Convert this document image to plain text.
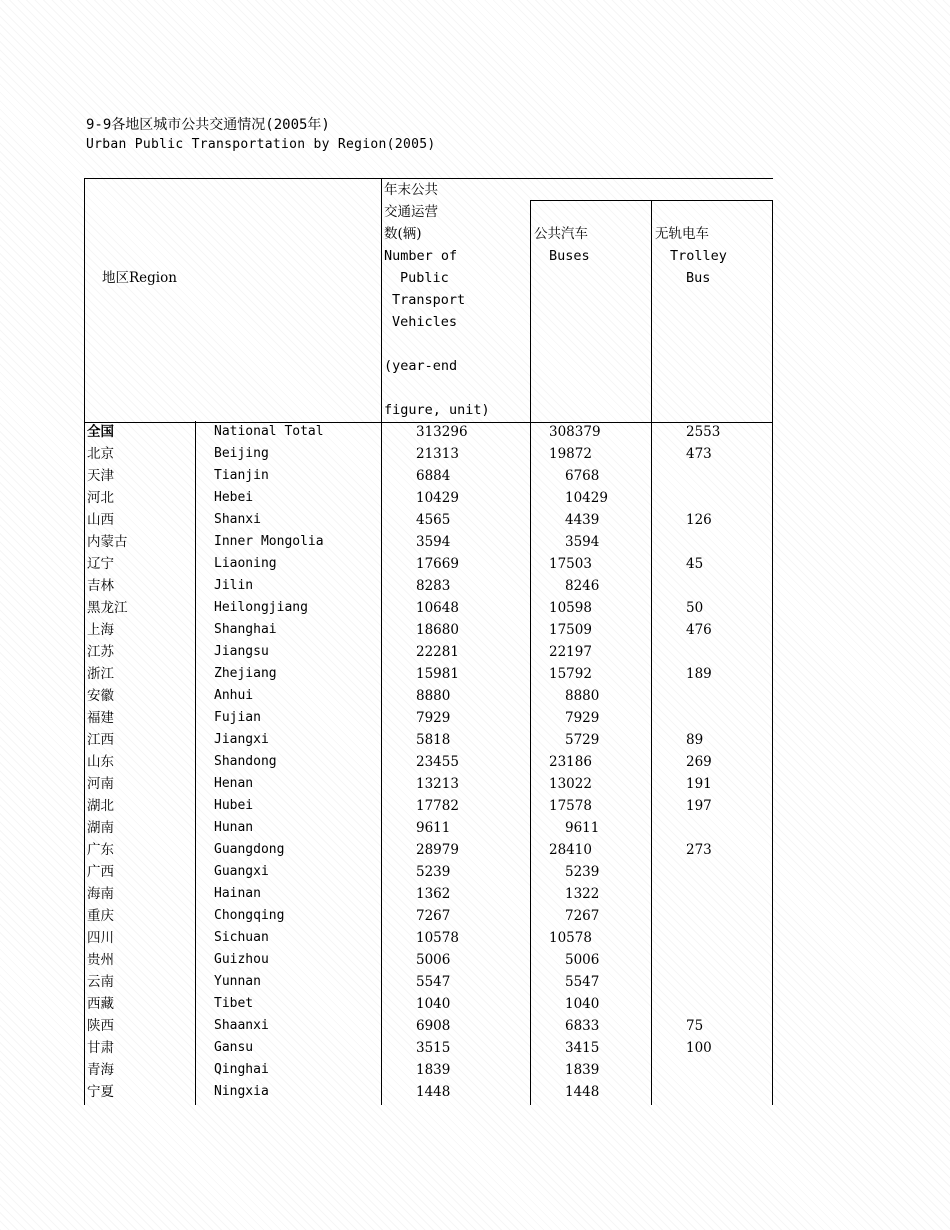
9-9各地区城市公共交通情况(2005年)
Urban Public Transportation by Region(2005)
地区Region
年末公共
交通运营
数(辆)
Number of
Public
Transport
Vehicles
(year-end
figure, unit)
公共汽车
Buses
无轨电车
Trolley
Bus
全国	National Total	313296	308379	2553
北京	Beijing	21313	19872	473
天津	Tianjin	6884	6768
河北	Hebei	10429	10429
山西	Shanxi	4565	4439	126
内蒙古	Inner Mongolia	3594	3594
辽宁	Liaoning	17669	17503	45
吉林	Jilin	8283	8246
黑龙江	Heilongjiang	10648	10598	50
上海	Shanghai	18680	17509	476
江苏	Jiangsu	22281	22197
浙江	Zhejiang	15981	15792	189
安徽	Anhui	8880	8880
福建	Fujian	7929	7929
江西	Jiangxi	5818	5729	89
山东	Shandong	23455	23186	269
河南	Henan	13213	13022	191
湖北	Hubei	17782	17578	197
湖南	Hunan	9611	9611
广东	Guangdong	28979	28410	273
广西	Guangxi	5239	5239
海南	Hainan	1362	1322
重庆	Chongqing	7267	7267
四川	Sichuan	10578	10578
贵州	Guizhou	5006	5006
云南	Yunnan	5547	5547
西藏	Tibet	1040	1040
陕西	Shaanxi	6908	6833	75
甘肃	Gansu	3515	3415	100
青海	Qinghai	1839	1839
宁夏	Ningxia	1448	1448
